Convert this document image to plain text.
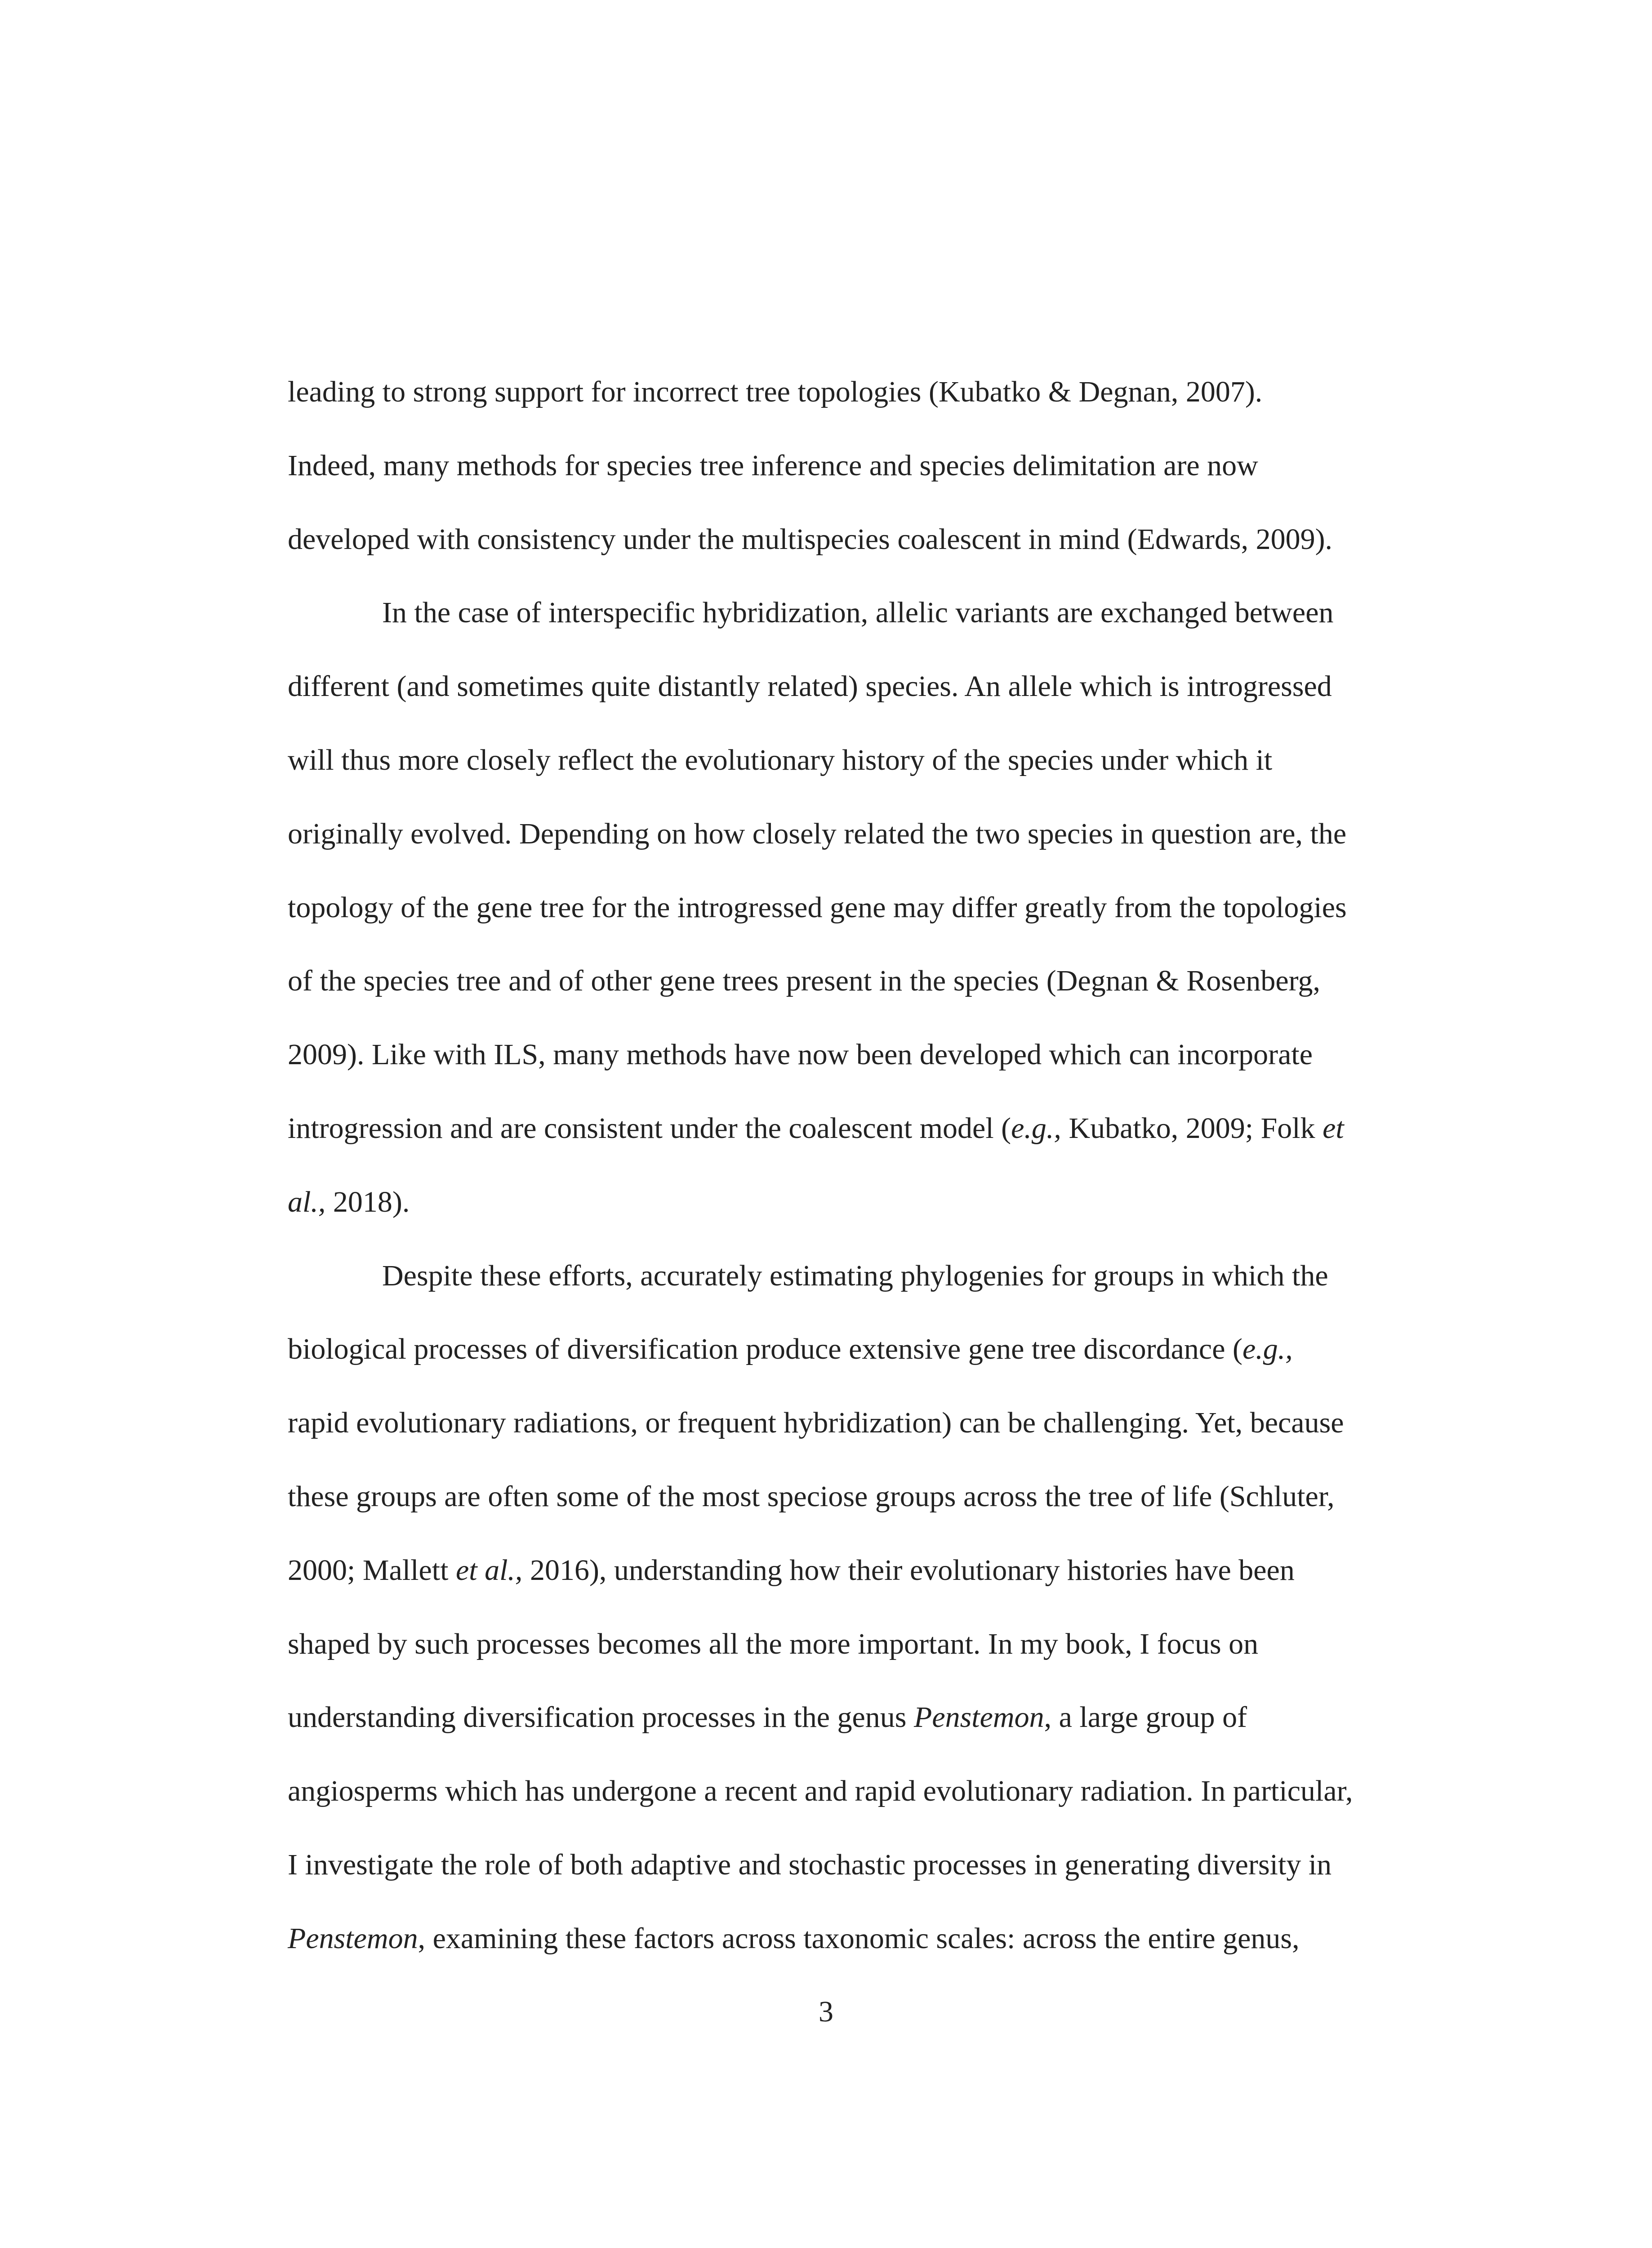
leading to strong support for incorrect tree topologies (Kubatko & Degnan, 2007).
Indeed, many methods for species tree inference and species delimitation are now
developed with consistency under the multispecies coalescent in mind (Edwards, 2009).
In the case of interspecific hybridization, allelic variants are exchanged between
different (and sometimes quite distantly related) species. An allele which is introgressed
will thus more closely reflect the evolutionary history of the species under which it
originally evolved. Depending on how closely related the two species in question are, the
topology of the gene tree for the introgressed gene may differ greatly from the topologies
of the species tree and of other gene trees present in the species (Degnan & Rosenberg,
2009). Like with ILS, many methods have now been developed which can incorporate
introgression and are consistent under the coalescent model (e.g., Kubatko, 2009; Folk et
al., 2018).
Despite these efforts, accurately estimating phylogenies for groups in which the
biological processes of diversification produce extensive gene tree discordance (e.g.,
rapid evolutionary radiations, or frequent hybridization) can be challenging. Yet, because
these groups are often some of the most speciose groups across the tree of life (Schluter,
2000; Mallett et al., 2016), understanding how their evolutionary histories have been
shaped by such processes becomes all the more important. In my book, I focus on
understanding diversification processes in the genus Penstemon, a large group of
angiosperms which has undergone a recent and rapid evolutionary radiation. In particular,
I investigate the role of both adaptive and stochastic processes in generating diversity in
Penstemon, examining these factors across taxonomic scales: across the entire genus,
3
